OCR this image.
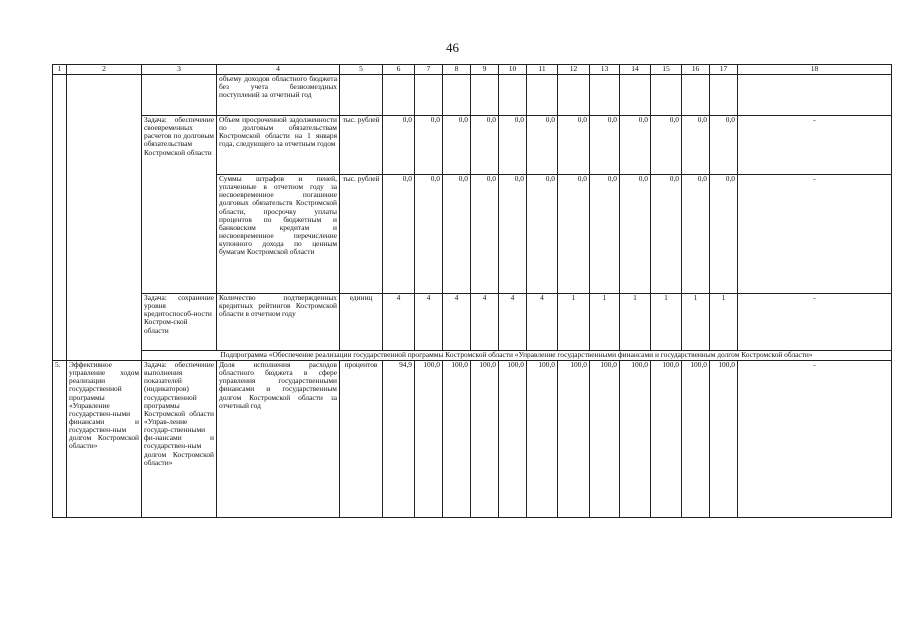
46
1	2	3	4	5	6	7	8	9	10	11	12	13	14	15	16	17	18
			объему доходов областного бюджета без учета безвозмездных поступлений за отчетный год														
		Задача: обеспечение своевременных расчетов по долговым обязательствам Костромской области	Объем просроченной задолженности по долговым обязательствам Костромской области на 1 января года, следующего за отчетным годом	тыс. рублей	0,0	0,0	0,0	0,0	0,0	0,0	0,0	0,0	0,0	0,0	0,0	0,0	-
			Суммы штрафов и пеней, уплаченные в отчетном году за несвоевременное погашение долговых обязательств Костромской области, просрочку уплаты процентов по бюджетным и банковским кредитам и несвоевременное перечисление купонного дохода по ценным бумагам Костромской области	тыс. рублей	0,0	0,0	0,0	0,0	0,0	0,0	0,0	0,0	0,0	0,0	0,0	0,0	-
		Задача: сохранение уровня кредитоспособ-ности Костром-ской области	Количество подтвержденных кредитных рейтингов Костромской области в отчетном году	единиц	4	4	4	4	4	4	1	1	1	1	1	1	-
		Подпрограмма «Обеспечение реализации государственной программы Костромской области «Управление государственными финансами и государственным долгом Костромской области»															
5.	Эффективное управление ходом реализации государственной программы «Управление государствен-ными финансами и государствен-ным долгом Костромской области»	Задача: обеспечение выполнения показателей (индикаторов) государственной программы Костромской области «Управ-ление государ-ственными фи-нансами и государствен-ным долгом Костромской области»	Доля исполнения расходов областного бюджета в сфере управления государственными финансами и государственным долгом Костромской области за отчетный год	процентов	94,9	100,0	100,0	100,0	100,0	100,0	100,0	100,0	100,0	100,0	100,0	100,0	-
